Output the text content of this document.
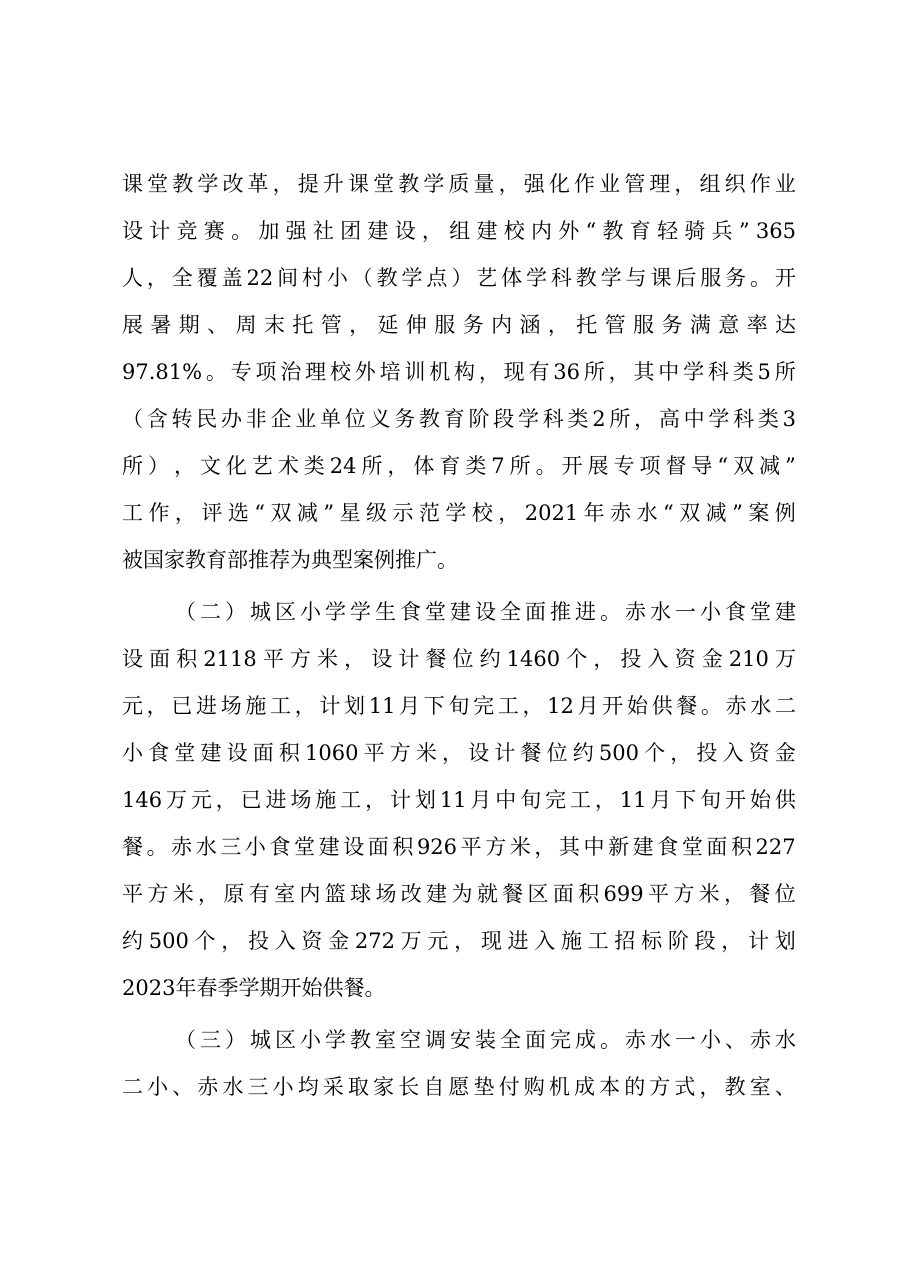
课 堂 教 学 改 革 ， 提 升 课 堂 教 学 质 量 ， 强 化 作 业 管 理 ， 组 织 作 业
设 计 竞 赛 。 加 强 社 团 建 设 ， 组 建 校 内 外 “ 教 育 轻 骑 兵 ” 365
人 ， 全 覆 盖 22 间 村 小 （ 教 学 点 ） 艺 体 学 科 教 学 与 课 后 服 务 。 开
展 暑 期 、 周 末 托 管 ， 延 伸 服 务 内 涵 ， 托 管 服 务 满 意 率 达
97.81% 。 专 项 治 理 校 外 培 训 机 构 ， 现 有 36 所 ， 其 中 学 科 类 5 所
（ 含 转 民 办 非 企 业 单 位 义 务 教 育 阶 段 学 科 类 2 所 ， 高 中 学 科 类 3
所 ） ， 文 化 艺 术 类 24 所 ， 体 育 类 7 所 。 开 展 专 项 督 导 “ 双 减 ”
工 作 ， 评 选 “ 双 减 ” 星 级 示 范 学 校 ， 2021 年 赤 水 “ 双 减 ” 案 例
被 国 家 教 育 部 推 荐 为 典 型 案 例 推 广 。
（ 二 ） 城 区 小 学 学 生 食 堂 建 设 全 面 推 进 。 赤 水 一 小 食 堂 建
设 面 积 2118 平 方 米 ， 设 计 餐 位 约 1460 个 ， 投 入 资 金 210 万
元 ， 已 进 场 施 工 ， 计 划 11 月 下 旬 完 工 ， 12 月 开 始 供 餐 。 赤 水 二
小 食 堂 建 设 面 积 1060 平 方 米 ， 设 计 餐 位 约 500 个 ， 投 入 资 金
146 万 元 ， 已 进 场 施 工 ， 计 划 11 月 中 旬 完 工 ， 11 月 下 旬 开 始 供
餐 。 赤 水 三 小 食 堂 建 设 面 积 926 平 方 米 ， 其 中 新 建 食 堂 面 积 227
平 方 米 ， 原 有 室 内 篮 球 场 改 建 为 就 餐 区 面 积 699 平 方 米 ， 餐 位
约 500 个 ， 投 入 资 金 272 万 元 ， 现 进 入 施 工 招 标 阶 段 ， 计 划
2023 年 春 季 学 期 开 始 供 餐 。
（ 三 ） 城 区 小 学 教 室 空 调 安 装 全 面 完 成 。 赤 水 一 小 、 赤 水
二 小 、 赤 水 三 小 均 采 取 家 长 自 愿 垫 付 购 机 成 本 的 方 式 ， 教 室 、
